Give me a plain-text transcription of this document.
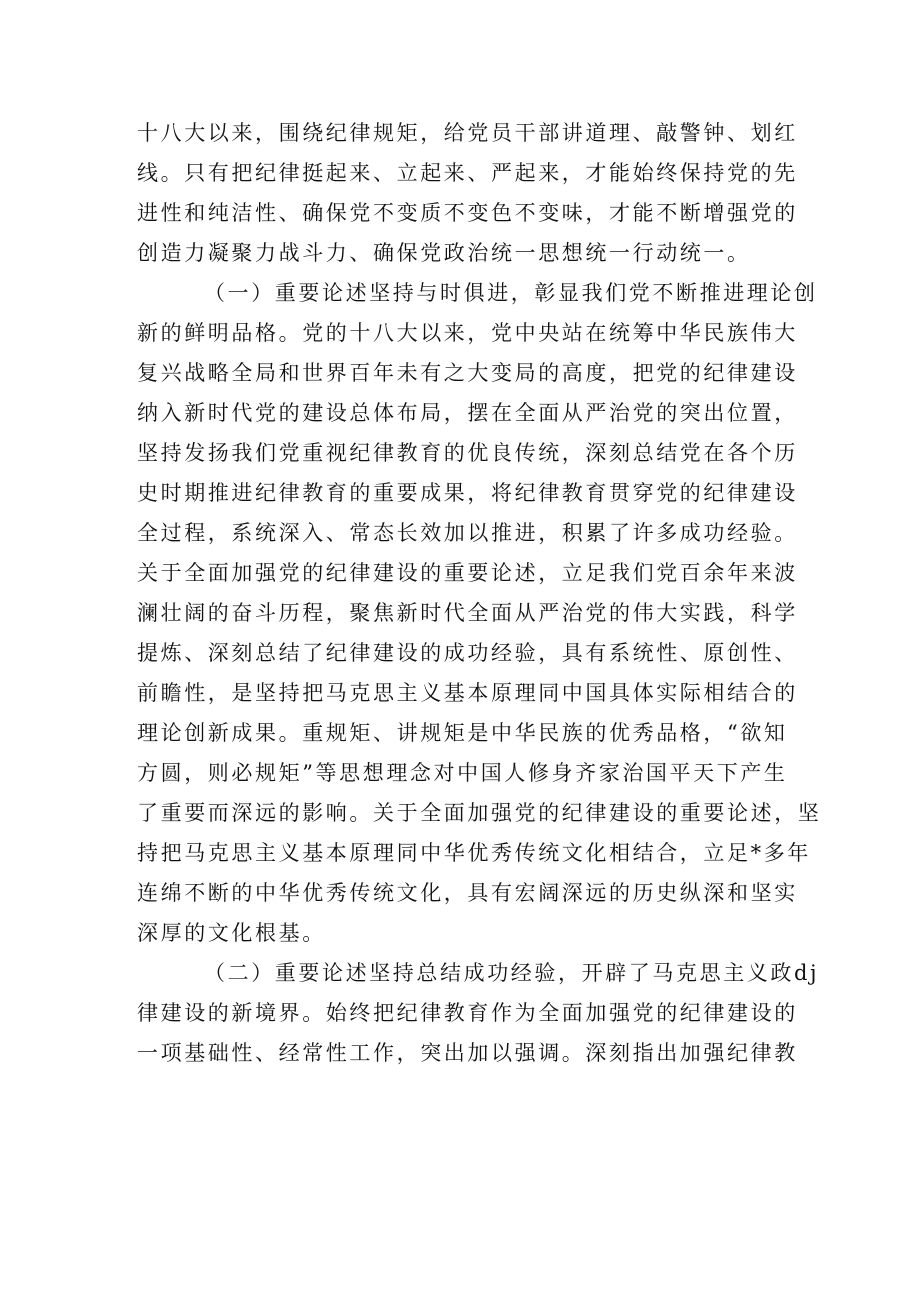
十八大以来，围绕纪律规矩，给党员干部讲道理、敲警钟、划红
线。只有把纪律挺起来、立起来、严起来，才能始终保持党的先
进性和纯洁性、确保党不变质不变色不变味，才能不断增强党的
创造力凝聚力战斗力、确保党政治统一思想统一行动统一。
（一）重要论述坚持与时俱进，彰显我们党不断推进理论创
新的鲜明品格。党的十八大以来，党中央站在统筹中华民族伟大
复兴战略全局和世界百年未有之大变局的高度，把党的纪律建设
纳入新时代党的建设总体布局，摆在全面从严治党的突出位置，
坚持发扬我们党重视纪律教育的优良传统，深刻总结党在各个历
史时期推进纪律教育的重要成果，将纪律教育贯穿党的纪律建设
全过程，系统深入、常态长效加以推进，积累了许多成功经验。
关于全面加强党的纪律建设的重要论述，立足我们党百余年来波
澜壮阔的奋斗历程，聚焦新时代全面从严治党的伟大实践，科学
提炼、深刻总结了纪律建设的成功经验，具有系统性、原创性、
前瞻性，是坚持把马克思主义基本原理同中国具体实际相结合的
理论创新成果。重规矩、讲规矩是中华民族的优秀品格，“欲知
方圆，则必规矩”等思想理念对中国人修身齐家治国平天下产生
了重要而深远的影响。关于全面加强党的纪律建设的重要论述，坚
持把马克思主义基本原理同中华优秀传统文化相结合，立足*多年
连绵不断的中华优秀传统文化，具有宏阔深远的历史纵深和坚实
深厚的文化根基。
（二）重要论述坚持总结成功经验，开辟了马克思主义政dj
律建设的新境界。始终把纪律教育作为全面加强党的纪律建设的
一项基础性、经常性工作，突出加以强调。深刻指出加强纪律教
